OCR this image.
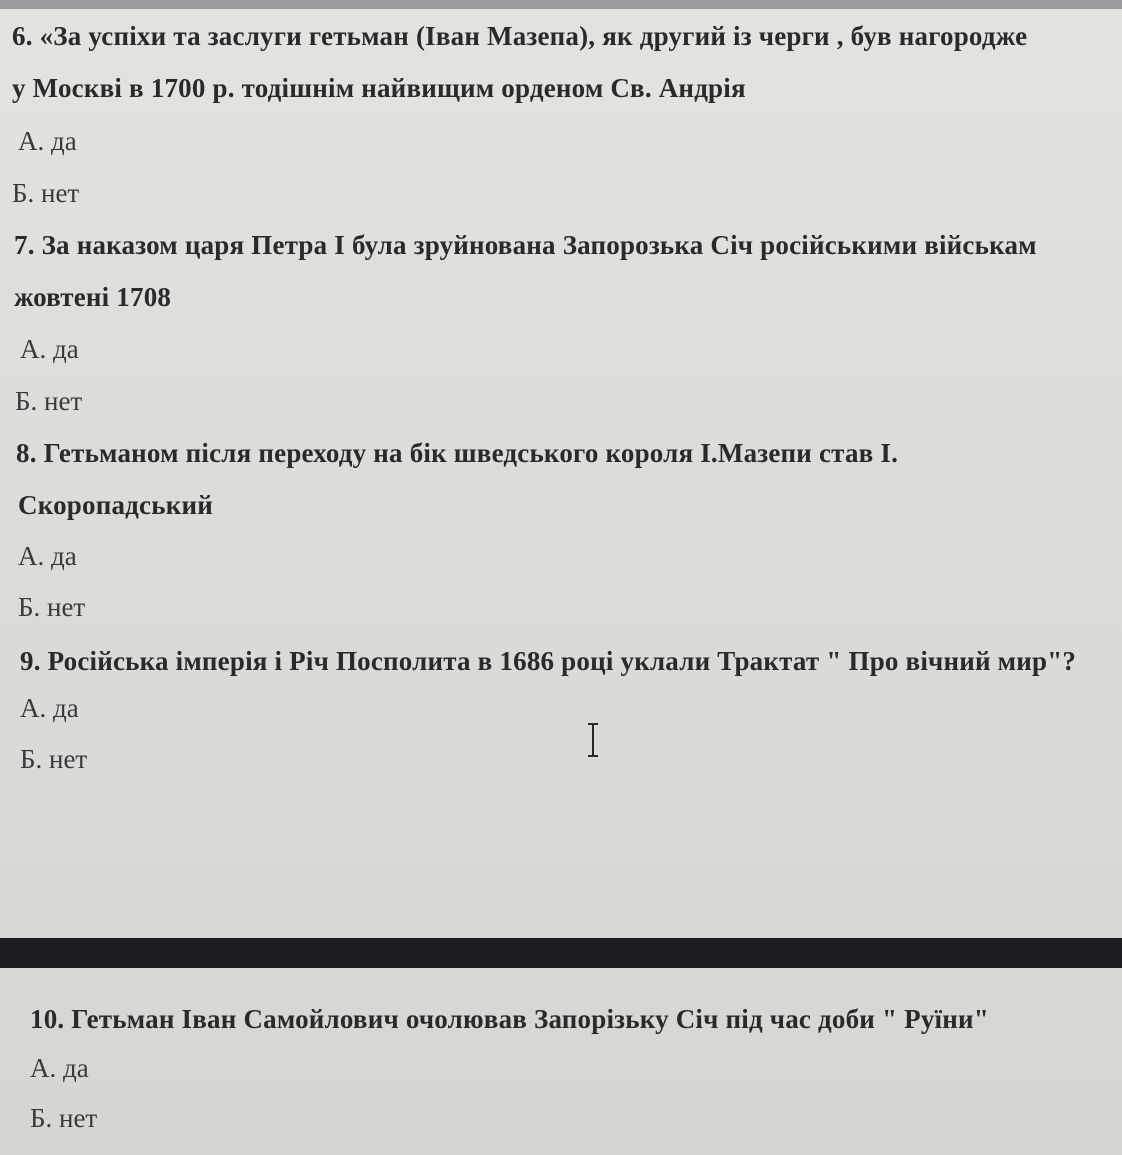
6. «За успіхи та заслуги гетьман (Іван Мазепа), як другий із черги , був нагородже

у Москві в 1700 р. тодішнім найвищим орденом Св. Андрія

А. да

Б. нет

7. За наказом царя Петра І була зруйнована Запорозька Січ російськими військам

жовтені 1708

А. да

Б. нет

8. Гетьманом після переходу на бік шведського короля І.Мазепи став І.

Скоропадський

А. да

Б. нет

9. Російська імперія і Річ Посполита в 1686 році уклали Трактат " Про вічний мир"?

А. да

Б. нет

10. Гетьман Іван Самойлович очолював Запорізьку Січ під час доби " Руїни"

А. да

Б. нет
